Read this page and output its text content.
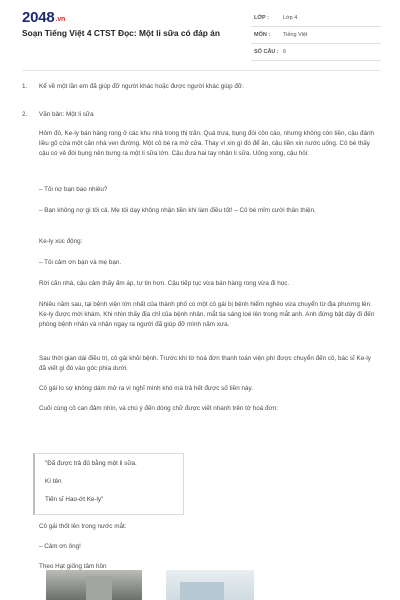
2048.vn
Soạn Tiếng Việt 4 CTST Đọc: Một li sữa có đáp án
LỚP :	Lớp 4
MÔN : Tiếng Việt
SỐ CÂU : 6
1. Kể về một lần em đã giúp đỡ người khác hoặc được người khác giúp đỡ.
2. Văn bản: Một li sữa
Hôm đó, Ke-ly bán hàng rong ở các khu nhà trong thị trấn. Quá trưa, bụng đói cồn cào, nhưng không còn tiền, cậu đánh liều gõ cửa một căn nhà ven đường. Một cô bé ra mở cửa. Thay vì xin gì đó để ăn, cậu liền xin nước uống. Cô bé thấy cậu có vẻ đói bụng nên bưng ra một li sữa lớn. Cậu đưa hai tay nhận li sữa. Uống xong, cậu hỏi:
– Tôi nợ bạn bao nhiêu?
– Bạn không nợ gì tôi cả. Mẹ tôi dạy không nhận tiền khi làm điều tốt! – Cô bé mỉm cười thân thiện.
Ke-ly xúc động:
– Tôi cảm ơn bạn và mẹ bạn.
Rời căn nhà, cậu cảm thấy ấm áp, tự tin hơn. Cậu tiếp tục vừa bán hàng rong vừa đi học.
Nhiều năm sau, tại bệnh viện lớn nhất của thành phố có một cô gái bị bệnh hiểm nghèo vừa chuyển từ địa phương lên. Ke-ly được mời khám. Khi nhìn thấy địa chỉ của bệnh nhân, mắt tia sáng loé lên trong mắt anh. Anh đứng bật dậy đi đến phòng bệnh nhân và nhận ngay ra người đã giúp đỡ mình năm xưa.
Sau thời gian dài điều trị, cô gái khỏi bệnh. Trước khi tờ hoá đơn thanh toán viện phí được chuyển đến cô, bác sĩ Ke-ly đã viết gì đó vào góc phía dưới.
Cô gái lo sợ không dám mở ra vì nghĩ mình khó mà trả hết được số tiền này.
Cuối cùng cô can đảm nhìn, và chú ý đến dòng chữ được viết nhanh trên tờ hoá đơn:
Cô gái thốt lên trong nước mắt:
– Cảm ơn ông!
Theo Hạt giống tâm hồn
"Đã được trả đủ bằng một li sữa.
Kí tên
Tiến sĩ Hao-ớt Ke-ly"
